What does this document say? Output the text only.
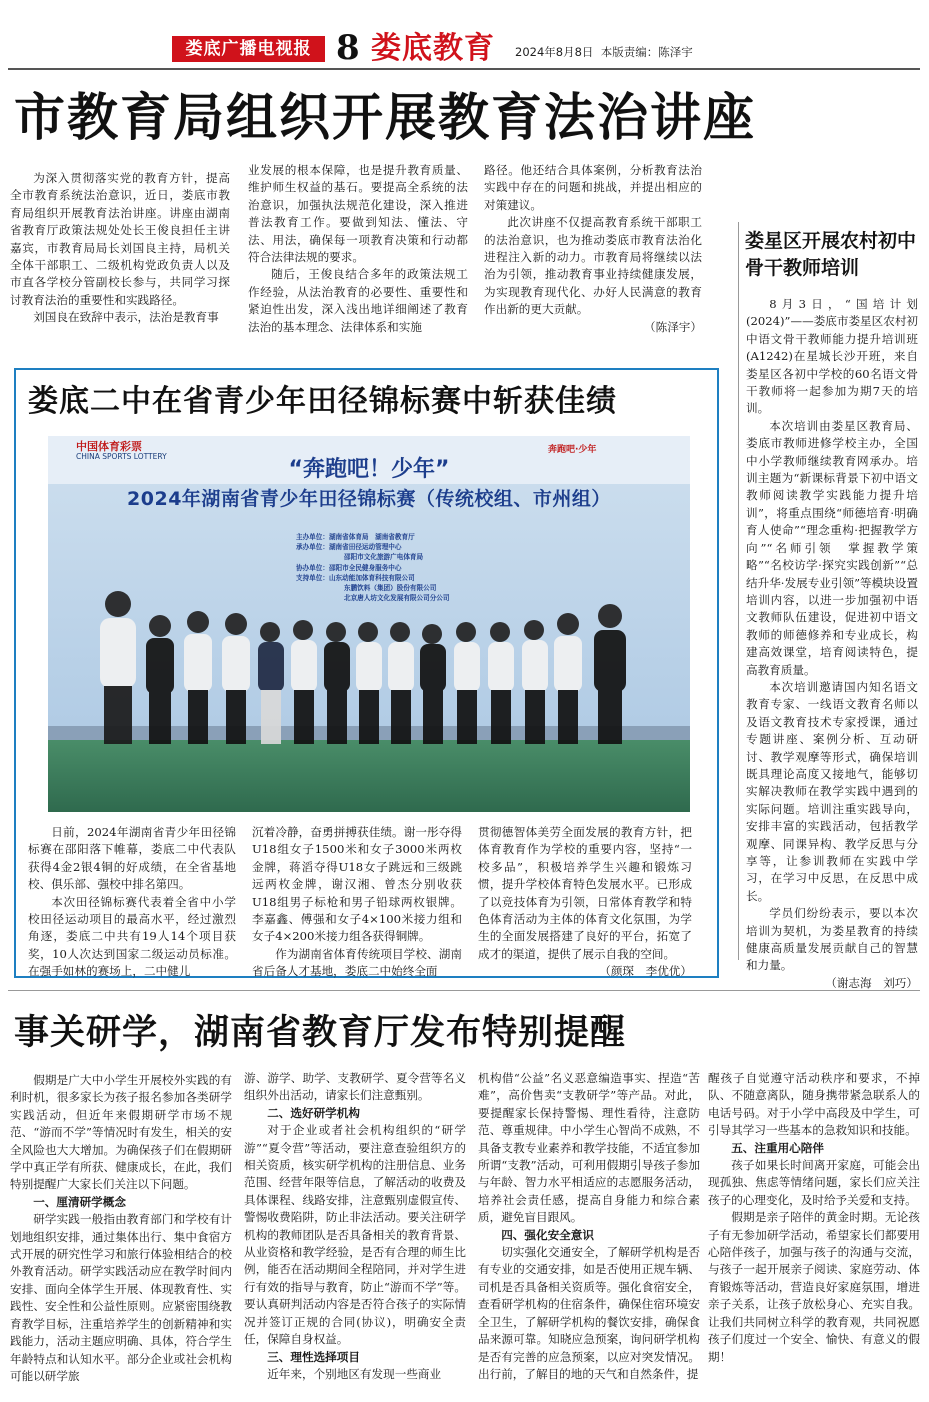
娄底广播电视报 8 娄底教育 2024年8月8日 本版责编：陈泽宇
市教育局组织开展教育法治讲座

为深入贯彻落实党的教育方针，提高全市教育系统法治意识，近日，娄底市教育局组织开展教育法治讲座。讲座由湖南省教育厅政策法规处处长王俊良担任主讲嘉宾，市教育局局长刘国良主持，局机关全体干部职工、二级机构党政负责人以及市直各学校分管副校长参与，共同学习探讨教育法治的重要性和实践路径。

刘国良在致辞中表示，法治是教育事

业发展的根本保障，也是提升教育质量、维护师生权益的基石。要提高全系统的法治意识，加强执法规范化建设，深入推进普法教育工作。要做到知法、懂法、守法、用法，确保每一项教育决策和行动都符合法律法规的要求。

随后，王俊良结合多年的政策法规工作经验，从法治教育的必要性、重要性和紧迫性出发，深入浅出地详细阐述了教育法治的基本理念、法律体系和实施

路径。他还结合具体案例，分析教育法治实践中存在的问题和挑战，并提出相应的对策建议。

此次讲座不仅提高教育系统干部职工的法治意识，也为推动娄底市教育法治化进程注入新的动力。市教育局将继续以法治为引领，推动教育事业持续健康发展，为实现教育现代化、办好人民满意的教育作出新的更大贡献。

（陈泽宇）

娄星区开展农村初中骨干教师培训

8月3日，“国培计划(2024)”——娄底市娄星区农村初中语文骨干教师能力提升培训班(A1242)在星城长沙开班，来自娄星区各初中学校的60名语文骨干教师将一起参加为期7天的培训。

本次培训由娄星区教育局、娄底市教师进修学校主办，全国中小学教师继续教育网承办。培训主题为“新课标背景下初中语文教师阅读教学实践能力提升培训”，将重点围绕“师德培育·明确育人使命”“理念重构·把握教学方向”“名师引领　掌握教学策略”“名校访学·探究实践创新”“总结升华·发展专业引领”等模块设置培训内容，以进一步加强初中语文教师队伍建设，促进初中语文教师的师德修养和专业成长，构建高效课堂，培育阅读特色，提高教育质量。

本次培训邀请国内知名语文教育专家、一线语文教育名师以及语文教育技术专家授课，通过专题讲座、案例分析、互动研讨、教学观摩等形式，确保培训既具理论高度又接地气，能够切实解决教师在教学实践中遇到的实际问题。培训注重实践导向，安排丰富的实践活动，包括教学观摩、同课异构、教学反思与分享等，让参训教师在实践中学习，在学习中反思，在反思中成长。

学员们纷纷表示，要以本次培训为契机，为娄星教育的持续健康高质量发展贡献自己的智慧和力量。

（谢志海　刘巧）

娄底二中在省青少年田径锦标赛中斩获佳绩
中国体育彩票
CHINA SPORTS LOTTERY
奔跑吧·少年
“奔跑吧！少年”
2024年湖南省青少年田径锦标赛（传统校组、市州组）
主办单位：湖南省体育局　湖南省教育厅
承办单位：湖南省田径运动管理中心
邵阳市文化旅游广电体育局
协办单位：邵阳市全民健身服务中心
支持单位：山东动能加体育科技有限公司
东鹏饮料（集团）股份有限公司
北京唐人坊文化发展有限公司分公司

日前，2024年湖南省青少年田径锦标赛在邵阳落下帷幕，娄底二中代表队获得4金2银4铜的好成绩，在全省基地校、俱乐部、强校中排名第四。

本次田径锦标赛代表着全省中小学校田径运动项目的最高水平，经过激烈角逐，娄底二中共有19人14个项目获奖，10人次达到国家二级运动员标准。在强手如林的赛场上，二中健儿

沉着冷静，奋勇拼搏获佳绩。谢一彤夺得U18组女子1500米和女子3000米两枚金牌，蒋滔夺得U18女子跳远和三级跳远两枚金牌，谢汉湘、曾杰分别收获U18组男子标枪和男子铅球两枚银牌。李嘉鑫、傅强和女子4×100米接力组和女子4×200米接力组各获得铜牌。

作为湖南省体育传统项目学校、湖南省后备人才基地，娄底二中始终全面

贯彻德智体美劳全面发展的教育方针，把体育教育作为学校的重要内容，坚持“一校多品”，积极培养学生兴趣和锻炼习惯，提升学校体育特色发展水平。已形成了以竞技体育为引领，日常体育教学和特色体育活动为主体的体育文化氛围，为学生的全面发展搭建了良好的平台，拓宽了成才的渠道，提供了展示自我的空间。

（颜琛　李优优）

事关研学，湖南省教育厅发布特别提醒

假期是广大中小学生开展校外实践的有利时机，很多家长为孩子报名参加各类研学实践活动，但近年来假期研学市场不规范、“游而不学”等情况时有发生，相关的安全风险也大大增加。为确保孩子们在假期研学中真正学有所获、健康成长，在此，我们特别提醒广大家长们关注以下问题。

一、厘清研学概念

研学实践一般指由教育部门和学校有计划地组织安排，通过集体出行、集中食宿方式开展的研究性学习和旅行体验相结合的校外教育活动。研学实践活动应在教学时间内安排、面向全体学生开展、体现教育性、实践性、安全性和公益性原则。应紧密围绕教育教学目标，注重培养学生的创新精神和实践能力，活动主题应明确、具体，符合学生年龄特点和认知水平。部分企业或社会机构可能以研学旅

游、游学、助学、支教研学、夏令营等名义组织外出活动，请家长们注意甄别。

二、选好研学机构

对于企业或者社会机构组织的“研学游”“夏令营”等活动，要注意查验组织方的相关资质，核实研学机构的注册信息、业务范围、经营年限等信息，了解活动的收费及具体课程、线路安排，注意甄别虚假宣传、警惕收费陷阱，防止非法活动。要关注研学机构的教师团队是否具备相关的教育背景、从业资格和教学经验，是否有合理的师生比例，能否在活动期间全程陪同，并对学生进行有效的指导与教育，防止“游而不学”等。要认真研判活动内容是否符合孩子的实际情况并签订正规的合同(协议)，明确安全责任，保障自身权益。

三、理性选择项目

近年来，个别地区有发现一些商业

机构借“公益”名义恶意编造事实、捏造“苦难”，高价售卖“支教研学”等产品。对此，要提醒家长保持警惕、理性看待，注意防范、尊重规律。中小学生心智尚不成熟，不具备支教专业素养和教学技能，不适宜参加所谓“支教”活动，可利用假期引导孩子参加与年龄、智力水平相适应的志愿服务活动，培养社会责任感，提高自身能力和综合素质，避免盲目跟风。

四、强化安全意识

切实强化交通安全，了解研学机构是否有专业的交通安排，如是否使用正规车辆、司机是否具备相关资质等。强化食宿安全，查看研学机构的住宿条件，确保住宿环境安全卫生，了解研学机构的餐饮安排，确保食品来源可靠。知晓应急预案，询问研学机构是否有完善的应急预案，以应对突发情况。出行前，了解目的地的天气和自然条件，提

醒孩子自觉遵守活动秩序和要求，不掉队、不随意离队，随身携带紧急联系人的电话号码。对于小学中高段及中学生，可引导其学习一些基本的急救知识和技能。

五、注重用心陪伴

孩子如果长时间离开家庭，可能会出现孤独、焦虑等情绪问题，家长们应关注孩子的心理变化，及时给予关爱和支持。

假期是亲子陪伴的黄金时期。无论孩子有无参加研学活动，希望家长们都要用心陪伴孩子，加强与孩子的沟通与交流，与孩子一起开展亲子阅读、家庭劳动、体育锻炼等活动，营造良好家庭氛围，增进亲子关系，让孩子放松身心、充实自我。让我们共同树立科学的教育观，共同祝愿孩子们度过一个安全、愉快、有意义的假期！
